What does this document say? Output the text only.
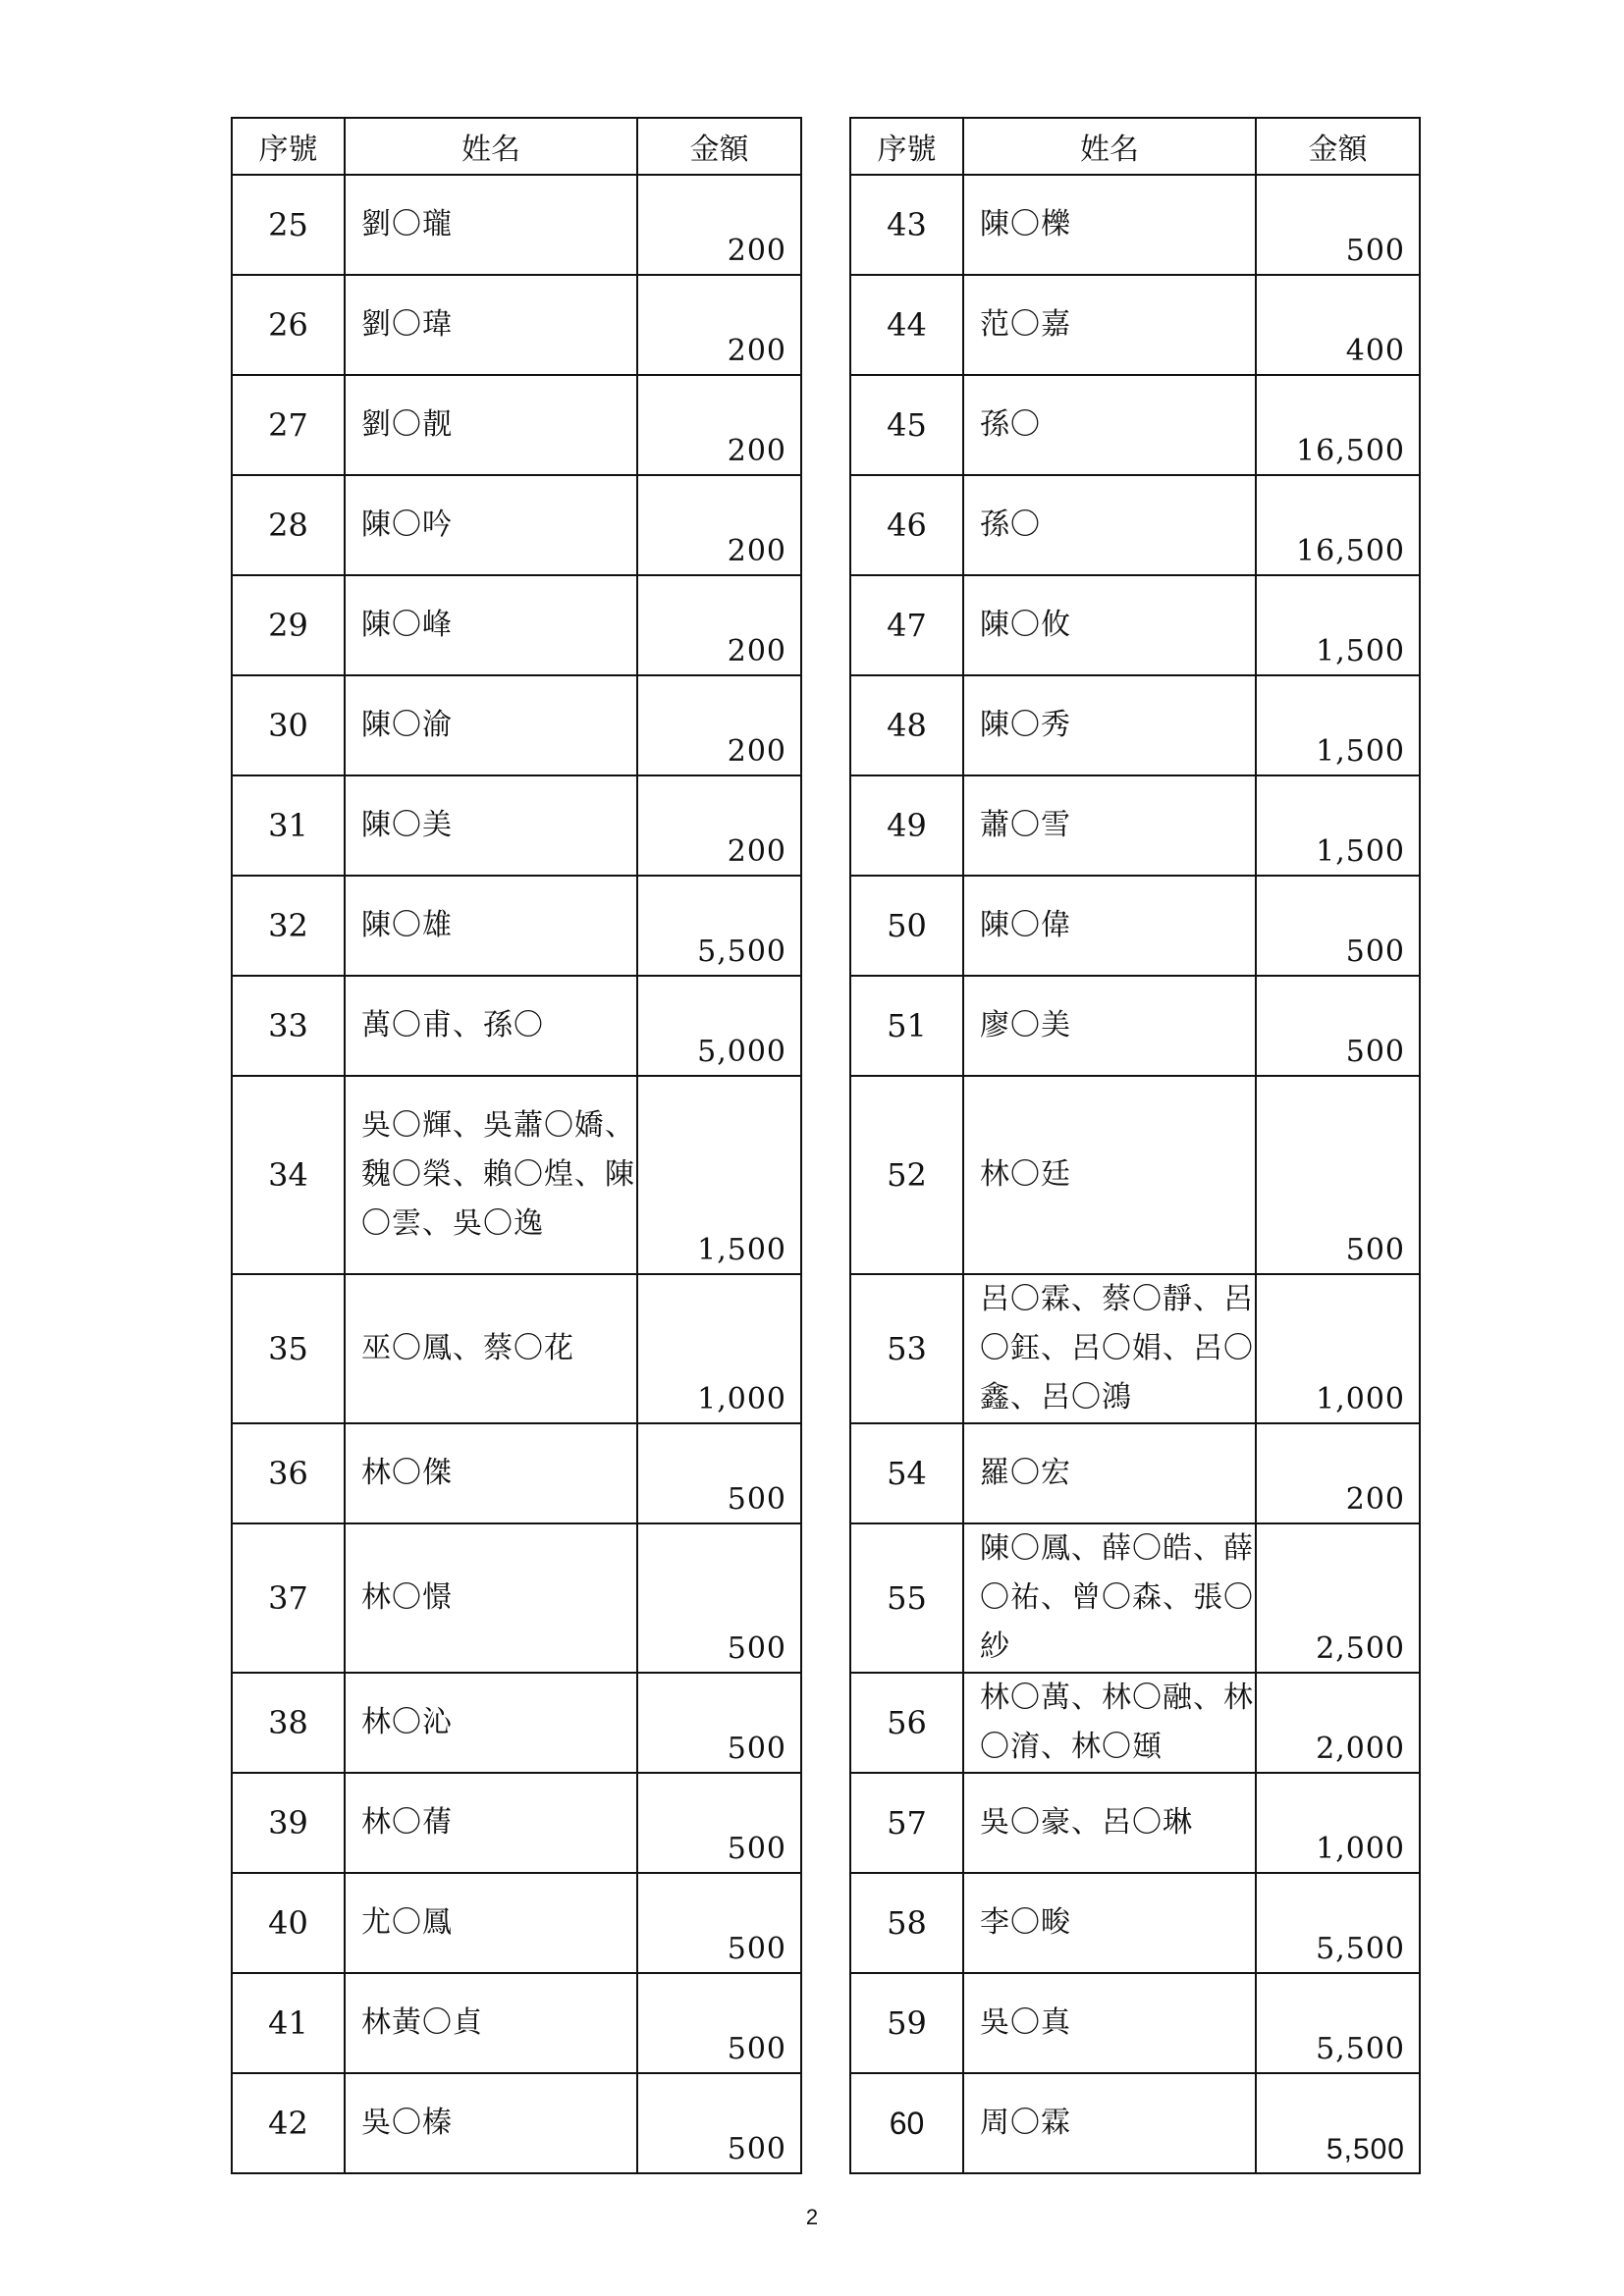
序號	姓名	金額
25	劉〇瓏	200
26	劉〇瑋	200
27	劉〇靓	200
28	陳〇吟	200
29	陳〇峰	200
30	陳〇渝	200
31	陳〇美	200
32	陳〇雄	5,500
33	萬〇甫、孫〇	5,000
34	吳〇輝、吳蕭〇嬌、魏〇榮、賴〇煌、陳〇雲、吳〇逸	1,500
35	巫〇鳳、蔡〇花	1,000
36	林〇傑	500
37	林〇憬	500
38	林〇沁	500
39	林〇蒨	500
40	尤〇鳳	500
41	林黃〇貞	500
42	吳〇榛	500
序號	姓名	金額
43	陳〇櫟	500
44	范〇嘉	400
45	孫〇	16,500
46	孫〇	16,500
47	陳〇攸	1,500
48	陳〇秀	1,500
49	蕭〇雪	1,500
50	陳〇偉	500
51	廖〇美	500
52	林〇廷	500
53	呂〇霖、蔡〇靜、呂〇鈺、呂〇娟、呂〇鑫、呂〇鴻	1,000
54	羅〇宏	200
55	陳〇鳳、薛〇皓、薛〇祐、曾〇森、張〇紗	2,500
56	林〇萬、林〇融、林〇淯、林〇頲	2,000
57	吳〇豪、呂〇琳	1,000
58	李〇畯	5,500
59	吳〇真	5,500
60	周〇霖	5,500
2
